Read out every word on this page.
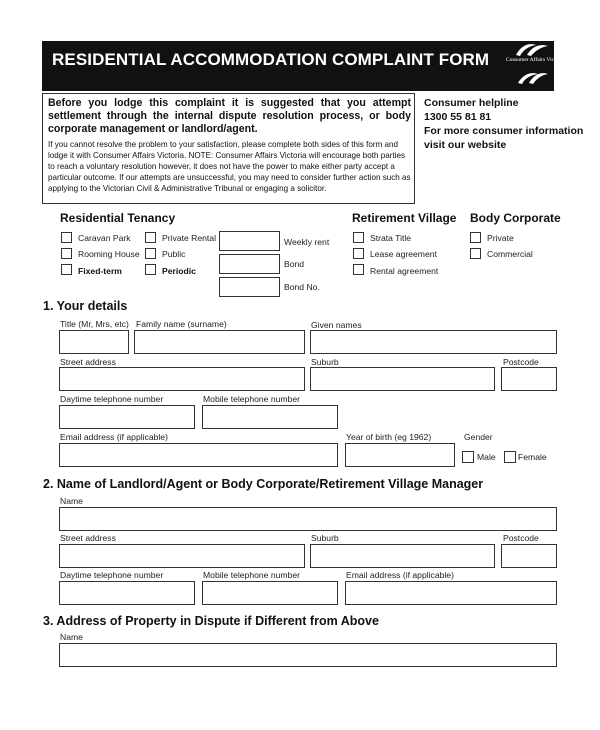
RESIDENTIAL ACCOMMODATION COMPLAINT FORM	Consumer Affairs Victoria
Before you lodge this complaint it is suggested that you attempt settlement through the internal dispute resolution process, or body corporate management or landlord/agent.
If you cannot resolve the problem to your satisfaction, please complete both sides of this form and lodge it with Consumer Affairs Victoria. NOTE: Consumer Affairs Victoria will encourage both parties to reach a voluntary resolution however, it does not have the power to make either party accept a particular outcome. If our attempts are unsuccessful, you may need to consider further action such as applying to the Victorian Civil & Administrative Tribunal or engaging a solicitor.
Consumer helpline
1300 55 81 81
For more consumer information visit our website
Residential Tenancy
Caravan Park
Rooming House
Fixed-term
Private Rental
Public
Periodic
Weekly rent
Bond
Bond No.
Retirement Village
Strata Title
Lease agreement
Rental agreement
Body Corporate
Private
Commercial
1. Your details
Title (Mr, Mrs, etc) Family name (surname)	Given names
Street address	Suburb	Postcode
Daytime telephone number	Mobile telephone number
Email address (if applicable)	Year of birth (eg 1962)	Gender
Male	Female
2. Name of Landlord/Agent or Body Corporate/Retirement Village Manager
Name
Street address	Suburb	Postcode
Daytime telephone number	Mobile telephone number	Email address (if applicable)
3. Address of Property in Dispute if Different from Above
Name
